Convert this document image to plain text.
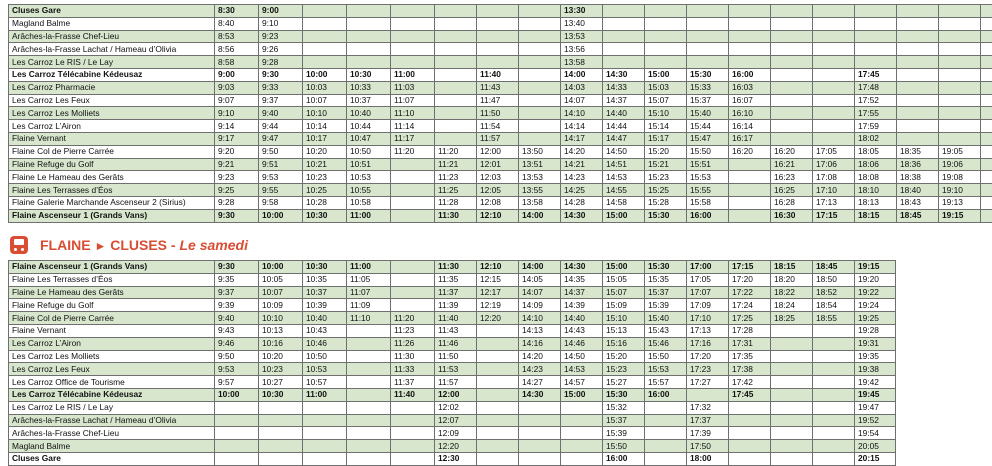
Cluses Gare	8:30	9:00							13:30										
Magland Balme	8:40	9:10							13:40										
Arâches-la-Frasse Chef-Lieu	8:53	9:23							13:53										
Arâches-la-Frasse Lachat / Hameau d’Olivia	8:56	9:26							13:56										
Les Carroz Le RIS / Le Lay	8:58	9:28							13:58										
Les Carroz Télécabine Kédeusaz	9:00	9:30	10:00	10:30	11:00		11:40		14:00	14:30	15:00	15:30	16:00			17:45			
Les Carroz Pharmacie	9:03	9:33	10:03	10:33	11:03		11:43		14:03	14:33	15:03	15:33	16:03			17:48			
Les Carroz Les Feux	9:07	9:37	10:07	10:37	11:07		11:47		14:07	14:37	15:07	15:37	16:07			17:52			
Les Carroz Les Molliets	9:10	9:40	10:10	10:40	11:10		11:50		14:10	14:40	15:10	15:40	16:10			17:55			
Les Carroz L’Airon	9:14	9:44	10:14	10:44	11:14		11:54		14:14	14:44	15:14	15:44	16:14			17:59			
Flaine Vernant	9:17	9:47	10:17	10:47	11:17		11:57		14:17	14:47	15:17	15:47	16:17			18:02			
Flaine Col de Pierre Carrée	9:20	9:50	10:20	10:50	11:20	11:20	12:00	13:50	14:20	14:50	15:20	15:50	16:20	16:20	17:05	18:05	18:35	19:05	
Flaine Refuge du Golf	9:21	9:51	10:21	10:51		11:21	12:01	13:51	14:21	14:51	15:21	15:51		16:21	17:06	18:06	18:36	19:06	
Flaine Le Hameau des Gerâts	9:23	9:53	10:23	10:53		11:23	12:03	13:53	14:23	14:53	15:23	15:53		16:23	17:08	18:08	18:38	19:08	
Flaine Les Terrasses d’Éos	9:25	9:55	10:25	10:55		11:25	12:05	13:55	14:25	14:55	15:25	15:55		16:25	17:10	18:10	18:40	19:10	
Flaine Galerie Marchande Ascenseur 2 (Sirius)	9:28	9:58	10:28	10:58		11:28	12:08	13:58	14:28	14:58	15:28	15:58		16:28	17:13	18:13	18:43	19:13	
Flaine Ascenseur 1 (Grands Vans)	9:30	10:00	10:30	11:00		11:30	12:10	14:00	14:30	15:00	15:30	16:00		16:30	17:15	18:15	18:45	19:15	
FLAINE ► CLUSES - Le samedi
Flaine Ascenseur 1 (Grands Vans)	9:30	10:00	10:30	11:00		11:30	12:10	14:00	14:30	15:00	15:30	17:00	17:15	18:15	18:45	19:15
Flaine Les Terrasses d’Éos	9:35	10:05	10:35	11:05		11:35	12:15	14:05	14:35	15:05	15:35	17:05	17:20	18:20	18:50	19:20
Flaine Le Hameau des Gerâts	9:37	10:07	10:37	11:07		11:37	12:17	14:07	14:37	15:07	15:37	17:07	17:22	18:22	18:52	19:22
Flaine Refuge du Golf	9:39	10:09	10:39	11:09		11:39	12:19	14:09	14:39	15:09	15:39	17:09	17:24	18:24	18:54	19:24
Flaine Col de Pierre Carrée	9:40	10:10	10:40	11:10	11:20	11:40	12:20	14:10	14:40	15:10	15:40	17:10	17:25	18:25	18:55	19:25
Flaine Vernant	9:43	10:13	10:43		11:23	11:43		14:13	14:43	15:13	15:43	17:13	17:28			19:28
Les Carroz L’Airon	9:46	10:16	10:46		11:26	11:46		14:16	14:46	15:16	15:46	17:16	17:31			19:31
Les Carroz Les Molliets	9:50	10:20	10:50		11:30	11:50		14:20	14:50	15:20	15:50	17:20	17:35			19:35
Les Carroz Les Feux	9:53	10:23	10:53		11:33	11:53		14:23	14:53	15:23	15:53	17:23	17:38			19:38
Les Carroz Office de Tourisme	9:57	10:27	10:57		11:37	11:57		14:27	14:57	15:27	15:57	17:27	17:42			19:42
Les Carroz Télécabine Kédeusaz	10:00	10:30	11:00		11:40	12:00		14:30	15:00	15:30	16:00		17:45			19:45
Les Carroz Le RIS / Le Lay						12:02				15:32		17:32				19:47
Arâches-la-Frasse Lachat / Hameau d’Olivia						12:07				15:37		17:37				19:52
Arâches-la-Frasse Chef-Lieu						12:09				15:39		17:39				19:54
Magland Balme						12:20				15:50		17:50				20:05
Cluses Gare						12:30				16:00		18:00				20:15
